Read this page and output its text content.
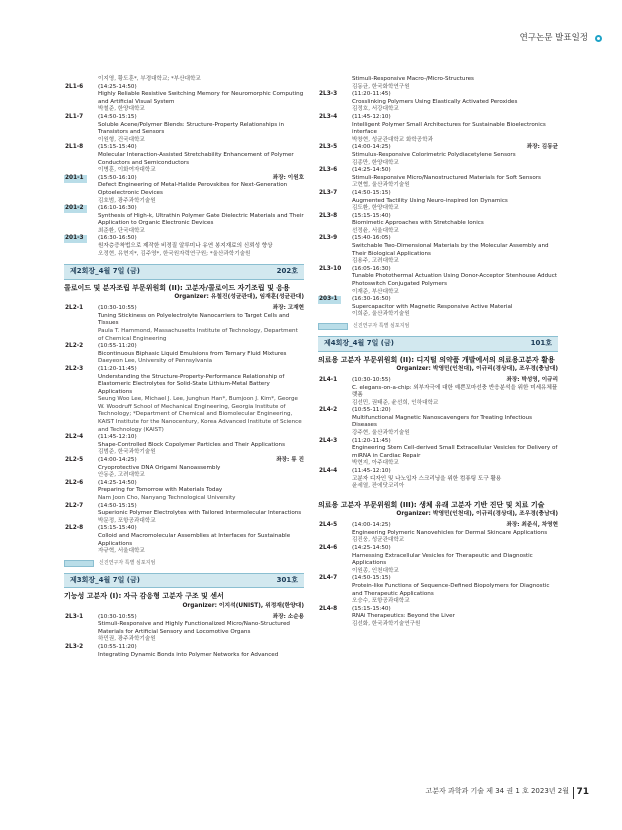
연구논문 발표일정
이지영, 황도훈*, 부경대학교; *부산대학교
2L1-6	(14:25-14:50)
Highly Reliable Resistive Switching Memory for Neuromorphic Computing and Artificial Visual System
박철준, 한양대학교
2L1-7	(14:50-15:15)
Soluble Acene/Polymer Blends: Structure-Property Relationships in Transistors and Sensors
이원형, 건국대학교
2L1-8	(15:15-15:40)
Molecular Interaction-Assisted Stretchability Enhancement of Polymer Conductors and Semiconductors
이병훈, 이화여자대학교
201-1	(15:50-16:10)	좌장: 이원호
Defect Engineering of Metal-Halide Perovskites for Next-Generation Optoelectronic Devices
김호범, 광주과학기술원
201-2	(16:10-16:30)
Synthesis of High-k, Ultrathin Polymer Gate Dielectric Materials and Their Application to Organic Electronic Devices
최준환, 단국대학교
201-3	(16:30-16:50)
원자층증착법으로 제작한 비정질 알루미나 유연 봉지재료의 신뢰성 향상
오정현, 유현지*, 김주영*, 한국원자력연구원; *울산과학기술원
제2회장_4월 7일 (금)	202호
콜로이드 및 분자조립 부문위원회 (II): 고분자/콜로이드 자기조립 및 응용
Organizer: 유철진(성균관대), 임재훈(성균관대)
2L2-1	(10:30-10:55)	좌장: 고재현
Tuning Stickiness on Polyelectrolyte Nanocarriers to Target Cells and Tissues
Paula T. Hammond, Massachusetts Institute of Technology, Department of Chemical Engineering
2L2-2	(10:55-11:20)
Bicontinuous Biphasic Liquid Emulsions from Ternary Fluid Mixtures
Daeyeon Lee, University of Pennsylvania
2L2-3	(11:20-11:45)
Understanding the Structure-Property-Performance Relationship of Elastomeric Electrolytes for Solid-State Lithium-Metal Battery Applications
Seung Woo Lee, Michael J. Lee, Junghun Han*, Bumjoon J. Kim*, George W. Woodruff School of Mechanical Engineering, Georgia Institute of Technology; *Department of Chemical and Biomolecular Engineering, KAIST Institute for the Nanocentury, Korea Advanced Institute of Science and Technology (KAIST)
2L2-4	(11:45-12:10)
Shape-Controlled Block Copolymer Particles and Their Applications
김범준, 한국과학기술원
2L2-5	(14:00-14:25)	좌장: 류 진
Cryoprotective DNA Origami Nanoassembly
안동준, 고려대학교
2L2-6	(14:25-14:50)
Preparing for Tomorrow with Materials Today
Nam Joon Cho, Nanyang Technological University
2L2-7	(14:50-15:15)
Superionic Polymer Electrolytes with Tailored Intermolecular Interactions
박문정, 포항공과대학교
2L2-8	(15:15-15:40)
Colloid and Macromolecular Assemblies at Interfaces for Sustainable Applications
자규혁, 서울대학교
신진연구자 특별 심포지엄
제3회장_4월 7일 (금)	301호
기능성 고분자 (I): 자극 감응형 고분자 구조 및 센서
Organizer: 이지석(UNIST), 위정재(한양대)
2L3-1	(10:30-10:55)	좌장: 소순용
Stimuli-Responsive and Highly Functionalized Micro/Nano-Structured Materials for Artificial Sensory and Locomotive Organs
하민권, 광주과학기술원
2L3-2	(10:55-11:20)
Integrating Dynamic Bonds into Polymer Networks for Advanced
Stimuli-Responsive Macro-/Micro-Structures
김동균, 한국화학연구원
2L3-3	(11:20-11:45)
Crosslinking Polymers Using Elastically Activated Peroxides
김정호, 서강대학교
2L3-4	(11:45-12:10)
Intelligent Polymer Small Architectures for Sustainable Bioelectronics interface
박창현, 성균관대학교 화학공학과
2L3-5	(14:00-14:25)	좌장: 김동균
Stimulus-Responsive Colorimetric Polydiacetylene Sensors
김종만, 한양대학교
2L3-6	(14:25-14:50)
Stimuli-Responsive Micro/Nanostructured Materials for Soft Sensors
고현협, 울산과학기술원
2L3-7	(14:50-15:15)
Augmented Tactility Using Neuro-inspired Ion Dynamics
김도환, 한양대학교
2L3-8	(15:15-15:40)
Biomimetic Approaches with Stretchable Ionics
선정윤, 서울대학교
2L3-9	(15:40-16:05)
Switchable Two-Dimensional Materials by the Molecular Assembly and Their Biological Applications
김용주, 고려대학교
2L3-10	(16:05-16:30)
Tunable Photothermal Actuation Using Donor-Acceptor Stenhouse Adduct Photoswitch Conjugated Polymers
이재준, 부산대학교
203-1	(16:30-16:50)
Supercapacitor with Magnetic Responsive Active Material
이희준, 울산과학기술원
신진연구자 특별 심포지엄
제4회장_4월 7일 (금)	101호
의료용 고분자 부문위원회 (II): 디지털 의약품 개발에서의 의료용고분자 활용
Organizer: 박영민(인천대), 이규리(경상대), 조우경(충남대)
2L4-1	(10:30-10:55)	좌장: 박성영, 이규리
C. elegans-on-a-chip: 외부자극에 대한 예쁜꼬마선충 반응분석을 위한 미세유체플랫폼
김선민, 권태준, 윤선희, 인하대학교
2L4-2	(10:55-11:20)
Multifunctional Magnetic Nanoscavengers for Treating Infectious Diseases
강주현, 울산과학기술원
2L4-3	(11:20-11:45)
Engineering Stem Cell-derived Small Extracellular Vesicles for Delivery of miRNA in Cardiac Repair
박현지, 아주대학교
2L4-4	(11:45-12:10)
고분자 디자인 및 나노입자 스크리닝을 위한 컴퓨팅 도구 활용
윤세열, 잔에닷코리아
의료용 고분자 부문위원회 (III): 생체 유래 고분자 기반 진단 및 치료 기술
Organizer: 박영민(인천대), 이규리(경상대), 조우경(충남대)
2L4-5	(14:00-14:25)	좌장: 최준식, 차영현
Engineering Polymeric Nanovehicles for Dermal Skincare Applications
김진웅, 성균관대학교
2L4-6	(14:25-14:50)
Harnessing Extracellular Vesicles for Therapeutic and Diagnostic Applications
이원종, 인천대학교
2L4-7	(14:50-15:15)
Protein-like Functions of Sequence-Defined Biopolymers for Diagnostic and Therapeutic Applications
오승수, 포항공과대학교
2L4-8	(15:15-15:40)
RNAi Therapeutics: Beyond the Liver
김선화, 한국과학기술연구원
고분자 과학과 기술 제 34 권 1 호 2023년 2월 71
